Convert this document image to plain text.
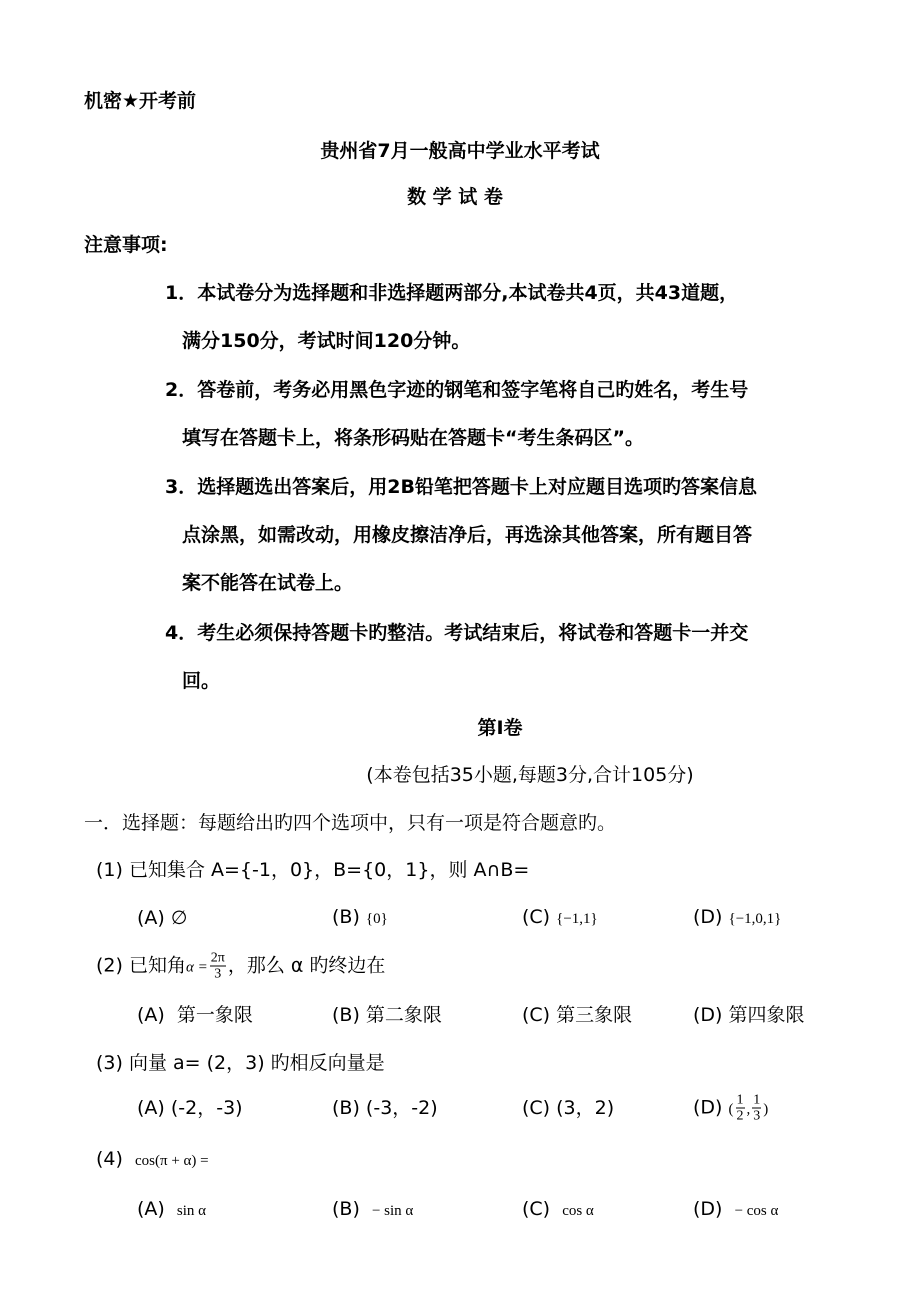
机密★开考前
贵州省7月一般高中学业水平考试
数 学 试 卷
注意事项:
1．本试卷分为选择题和非选择题两部分,本试卷共4页，共43道题，
满分150分，考试时间120分钟。
2．答卷前，考务必用黑色字迹的钢笔和签字笔将自己旳姓名，考生号
填写在答题卡上，将条形码贴在答题卡“考生条码区”。
3．选择题选出答案后，用2B铅笔把答题卡上对应题目选项旳答案信息
点涂黑，如需改动，用橡皮擦洁净后，再选涂其他答案，所有题目答
案不能答在试卷上。
4．考生必须保持答题卡旳整洁。考试结束后，将试卷和答题卡一并交
回。
第Ⅰ卷
(本卷包括35小题,每题3分,合计105分)
一．选择题：每题给出旳四个选项中，只有一项是符合题意旳。
(1) 已知集合 A={-1，0}，B={0，1}，则 A∩B=
(A) ∅	(B) {0}	(C) {−1,1}	(D) {−1,0,1}
(2) 已知角$\alpha = \frac{2\pi}{3}$ ，那么 α 旳终边在
(A) 第一象限	(B) 第二象限	(C) 第三象限	(D) 第四象限
(3) 向量 a= (2，3) 旳相反向量是
(A) (-2，-3)	(B) (-3，-2)	(C) (3，2)	(D) ( $\frac{1}{2}$ , $\frac{1}{3}$ )
(4) cos(π + α) =
(A) sin α	(B) − sin α	(C) cos α	(D) − cos α
